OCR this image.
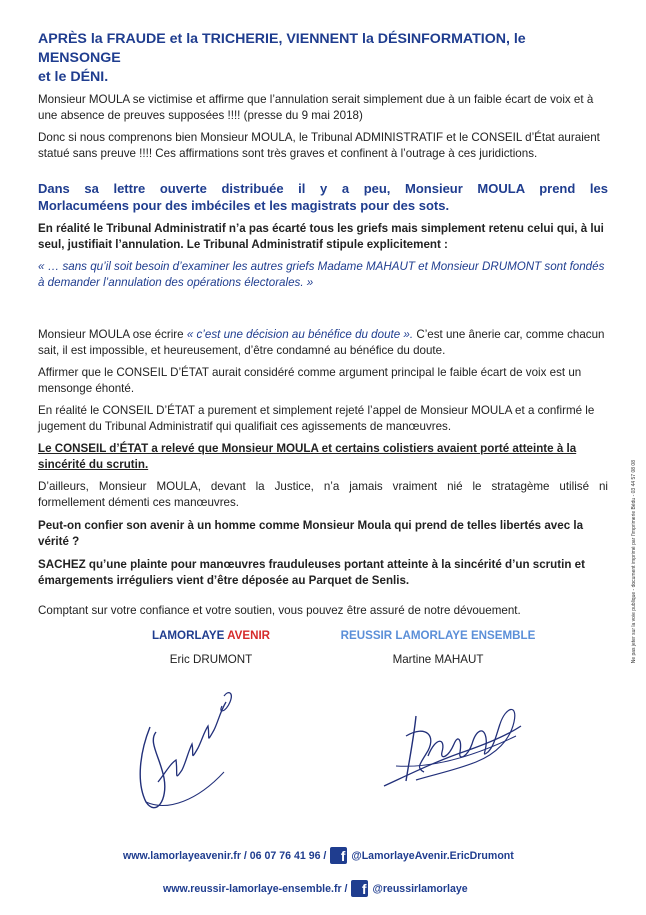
APRÈS la FRAUDE et la TRICHERIE, VIENNENT la DÉSINFORMATION, le MENSONGE
et le DÉNI.

Monsieur MOULA se victimise et affirme que l’annulation serait simplement due à un faible écart de voix et à une absence de preuves supposées !!!! (presse du 9 mai 2018)

Donc si nous comprenons bien Monsieur MOULA, le Tribunal ADMINISTRATIF et le CONSEIL d’État auraient statué sans preuve !!!! Ces affirmations sont très graves et confinent à l’outrage à ces juridictions.

Dans sa lettre ouverte distribuée il y a peu, Monsieur MOULA prend les
Morlacuméens pour des imbéciles et les magistrats pour des sots.

En réalité le Tribunal Administratif n’a pas écarté tous les griefs mais simplement retenu celui qui, à lui seul, justifiait l’annulation. Le Tribunal Administratif stipule explicitement :

« … sans qu’il soit besoin d’examiner les autres griefs Madame MAHAUT et Monsieur DRUMONT sont fondés à demander l’annulation des opérations électorales. »

Monsieur MOULA ose écrire « c’est une décision au bénéfice du doute ». C’est une ânerie car, comme chacun sait, il est impossible, et heureusement, d’être condamné au bénéfice du doute.

Affirmer que le CONSEIL D’ÉTAT aurait considéré comme argument principal le faible écart de voix est un mensonge éhonté.

En réalité le CONSEIL D’ÉTAT a purement et simplement rejeté l’appel de Monsieur MOULA et a confirmé le jugement du Tribunal Administratif qui qualifiait ces agissements de manœuvres.

Le CONSEIL d’ÉTAT a relevé que Monsieur MOULA et certains colistiers avaient porté atteinte à la sincérité du scrutin.

D’ailleurs, Monsieur MOULA, devant la Justice, n’a jamais vraiment nié le stratagème utilisé ni
formellement démenti ces manœuvres.

Peut-on confier son avenir à un homme comme Monsieur Moula qui prend de telles libertés avec la vérité ?

SACHEZ qu’une plainte pour manœuvres frauduleuses portant atteinte à la sincérité d’un scrutin et émargements irréguliers vient d’être déposée au Parquet de Senlis.

Comptant sur votre confiance et votre soutien, vous pouvez être assuré de notre dévouement.

LAMORLAYE AVENIR
Eric DRUMONT
REUSSIR LAMORLAYE ENSEMBLE
Martine MAHAUT	Ne pas jeter sur la voie publique - document imprimé par l'imprimerie Bédu - 03 44 57 08 08
www.lamorlayeavenir.fr / 06 07 76 41 96 /	f @LamorlayeAvenir.EricDrumont
www.reussir-lamorlaye-ensemble.fr /	f @reussirlamorlaye
